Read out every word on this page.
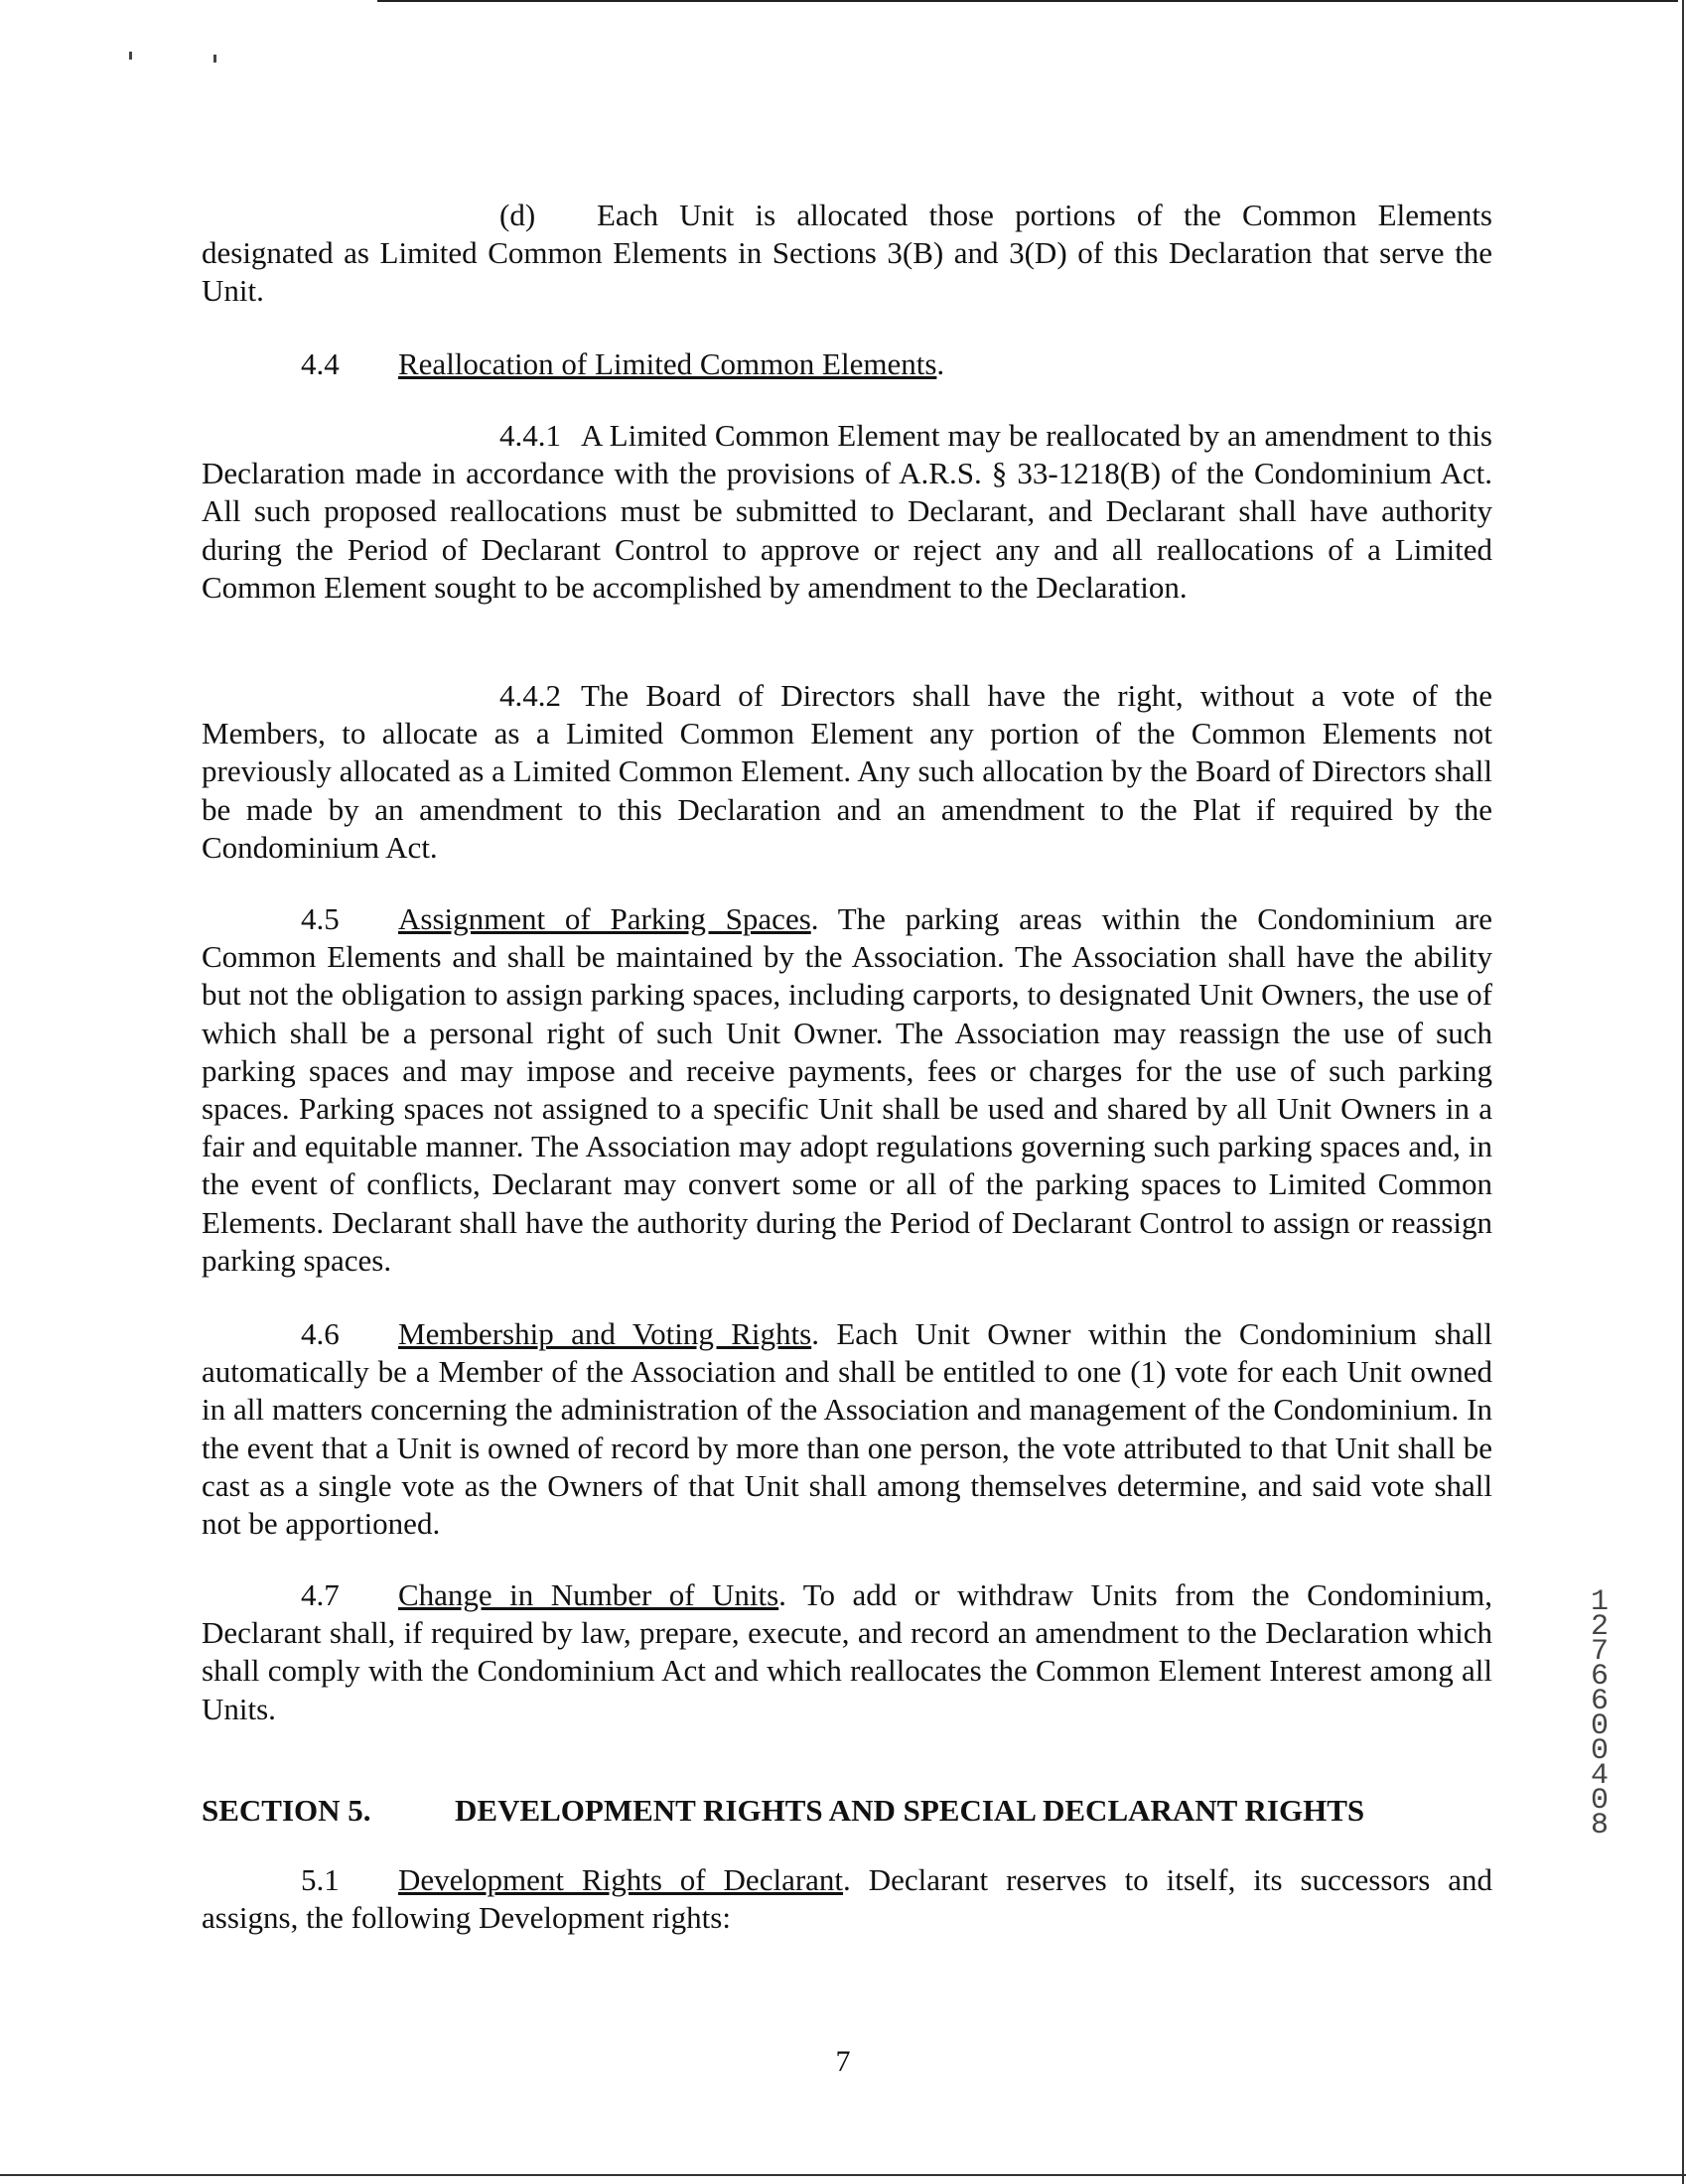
(d) Each Unit is allocated those portions of the Common Elements designated as Limited Common Elements in Sections 3(B) and 3(D) of this Declaration that serve the Unit.

4.4 Reallocation of Limited Common Elements.

4.4.1 A Limited Common Element may be reallocated by an amendment to this Declaration made in accordance with the provisions of A.R.S. § 33-1218(B) of the Condominium Act. All such proposed reallocations must be submitted to Declarant, and Declarant shall have authority during the Period of Declarant Control to approve or reject any and all reallocations of a Limited Common Element sought to be accomplished by amendment to the Declaration.

4.4.2 The Board of Directors shall have the right, without a vote of the Members, to allocate as a Limited Common Element any portion of the Common Elements not previously allocated as a Limited Common Element. Any such allocation by the Board of Directors shall be made by an amendment to this Declaration and an amendment to the Plat if required by the Condominium Act.

4.5 Assignment of Parking Spaces. The parking areas within the Condominium are Common Elements and shall be maintained by the Association. The Association shall have the ability but not the obligation to assign parking spaces, including carports, to designated Unit Owners, the use of which shall be a personal right of such Unit Owner. The Association may reassign the use of such parking spaces and may impose and receive payments, fees or charges for the use of such parking spaces. Parking spaces not assigned to a specific Unit shall be used and shared by all Unit Owners in a fair and equitable manner. The Association may adopt regulations governing such parking spaces and, in the event of conflicts, Declarant may convert some or all of the parking spaces to Limited Common Elements. Declarant shall have the authority during the Period of Declarant Control to assign or reassign parking spaces.

4.6 Membership and Voting Rights. Each Unit Owner within the Condominium shall automatically be a Member of the Association and shall be entitled to one (1) vote for each Unit owned in all matters concerning the administration of the Association and management of the Condominium. In the event that a Unit is owned of record by more than one person, the vote attributed to that Unit shall be cast as a single vote as the Owners of that Unit shall among themselves determine, and said vote shall not be apportioned.

4.7 Change in Number of Units. To add or withdraw Units from the Condominium, Declarant shall, if required by law, prepare, execute, and record an amendment to the Declaration which shall comply with the Condominium Act and which reallocates the Common Element Interest among all Units.

SECTION 5.	DEVELOPMENT RIGHTS AND SPECIAL DECLARANT RIGHTS

5.1 Development Rights of Declarant. Declarant reserves to itself, its successors and assigns, the following Development rights:

7
12766 00408
